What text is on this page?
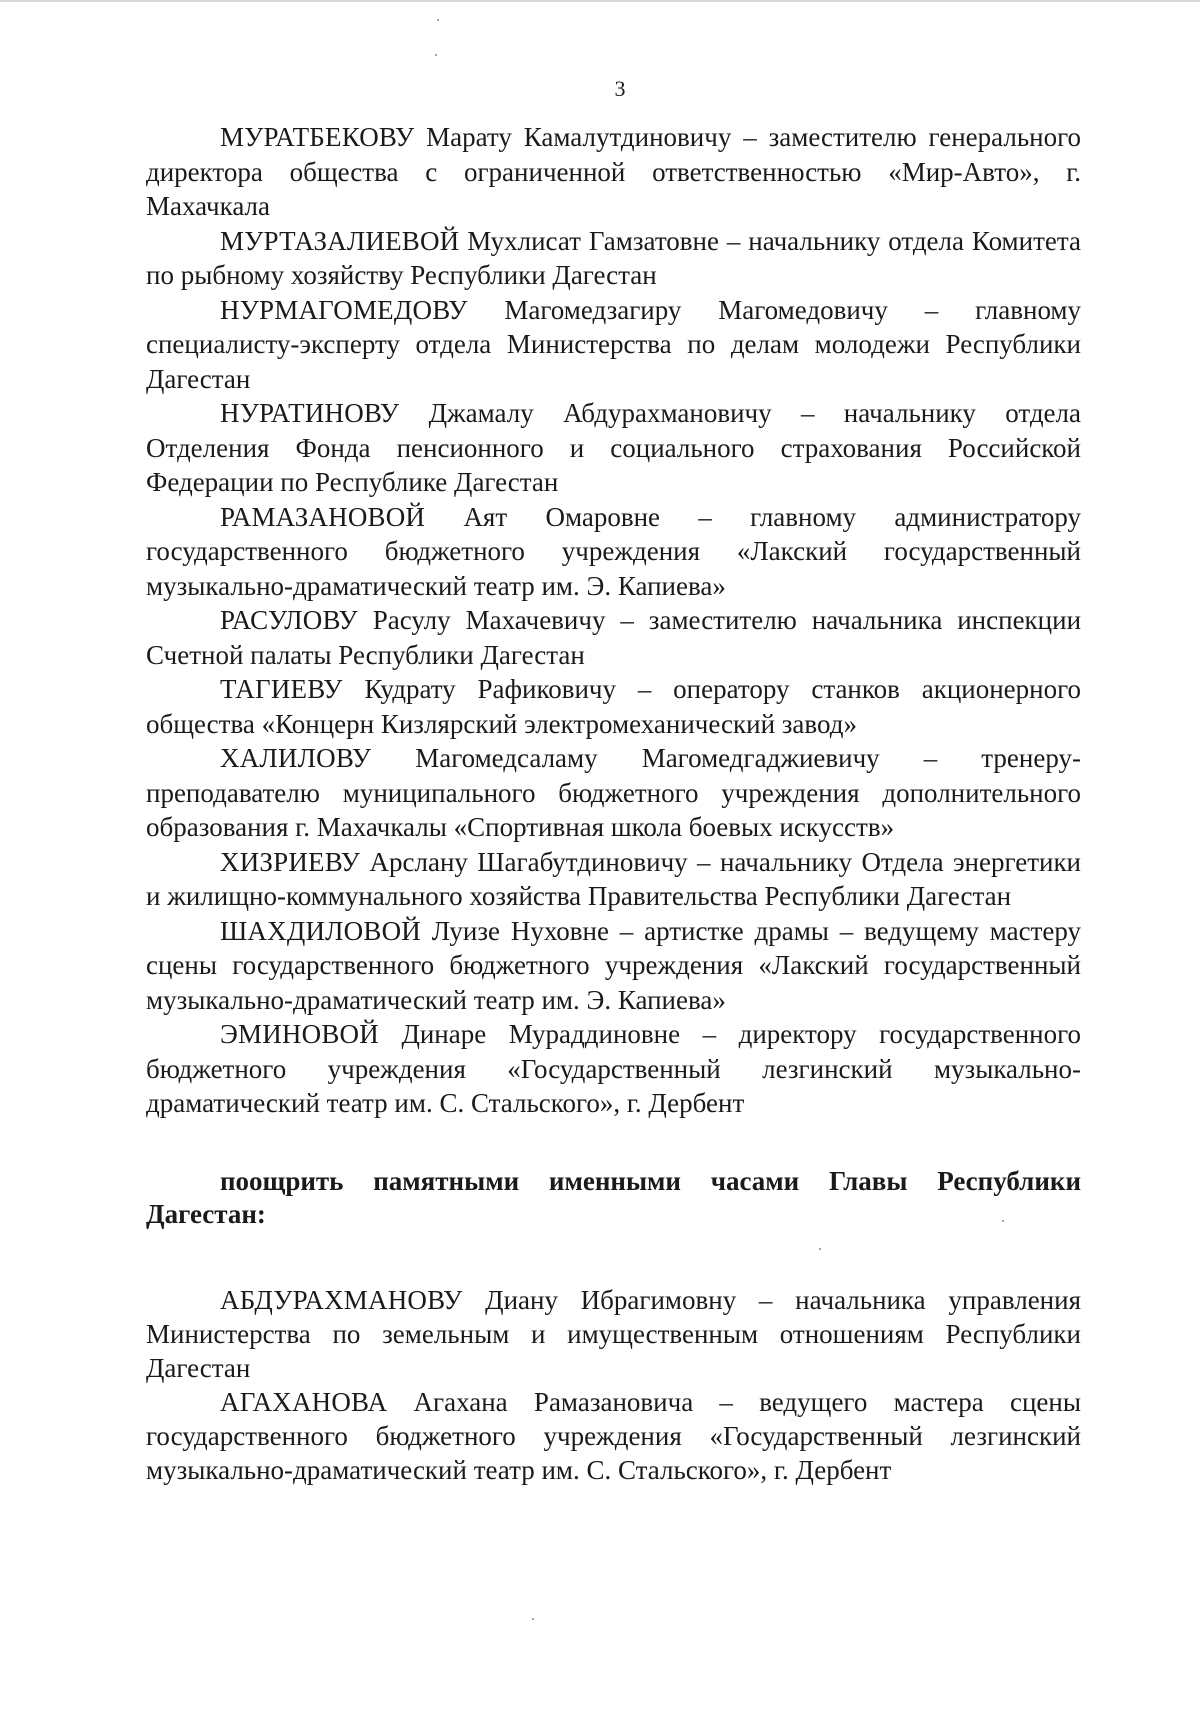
3

МУРАТБЕКОВУ Марату Камалутдиновичу – заместителю генерального директора общества с ограниченной ответственностью «Мир-Авто», г. Махачкала

МУРТАЗАЛИЕВОЙ Мухлисат Гамзатовне – начальнику отдела Комитета по рыбному хозяйству Республики Дагестан

НУРМАГОМЕДОВУ Магомедзагиру Магомедовичу – главному специалисту-эксперту отдела Министерства по делам молодежи Республики Дагестан

НУРАТИНОВУ Джамалу Абдурахмановичу – начальнику отдела Отделения Фонда пенсионного и социального страхования Российской Федерации по Республике Дагестан

РАМАЗАНОВОЙ Аят Омаровне – главному администратору государственного бюджетного учреждения «Лакский государственный музыкально-драматический театр им. Э. Капиева»

РАСУЛОВУ Расулу Махачевичу – заместителю начальника инспекции Счетной палаты Республики Дагестан

ТАГИЕВУ Кудрату Рафиковичу – оператору станков акционерного общества «Концерн Кизлярский электромеханический завод»

ХАЛИЛОВУ Магомедсаламу Магомедгаджиевичу – тренеру-преподавателю муниципального бюджетного учреждения дополнительного образования г. Махачкалы «Спортивная школа боевых искусств»

ХИЗРИЕВУ Арслану Шагабутдиновичу – начальнику Отдела энергетики и жилищно-коммунального хозяйства Правительства Республики Дагестан

ШАХДИЛОВОЙ Луизе Нуховне – артистке драмы – ведущему мастеру сцены государственного бюджетного учреждения «Лакский государственный музыкально-драматический театр им. Э. Капиева»

ЭМИНОВОЙ Динаре Мураддиновне – директору государственного бюджетного учреждения «Государственный лезгинский музыкально-драматический театр им. С. Стальского», г. Дербент

поощрить памятными именными часами Главы Республики Дагестан:

АБДУРАХМАНОВУ Диану Ибрагимовну – начальника управления Министерства по земельным и имущественным отношениям Республики Дагестан

АГАХАНОВА Агахана Рамазановича – ведущего мастера сцены государственного бюджетного учреждения «Государственный лезгинский музыкально-драматический театр им. С. Стальского», г. Дербент
